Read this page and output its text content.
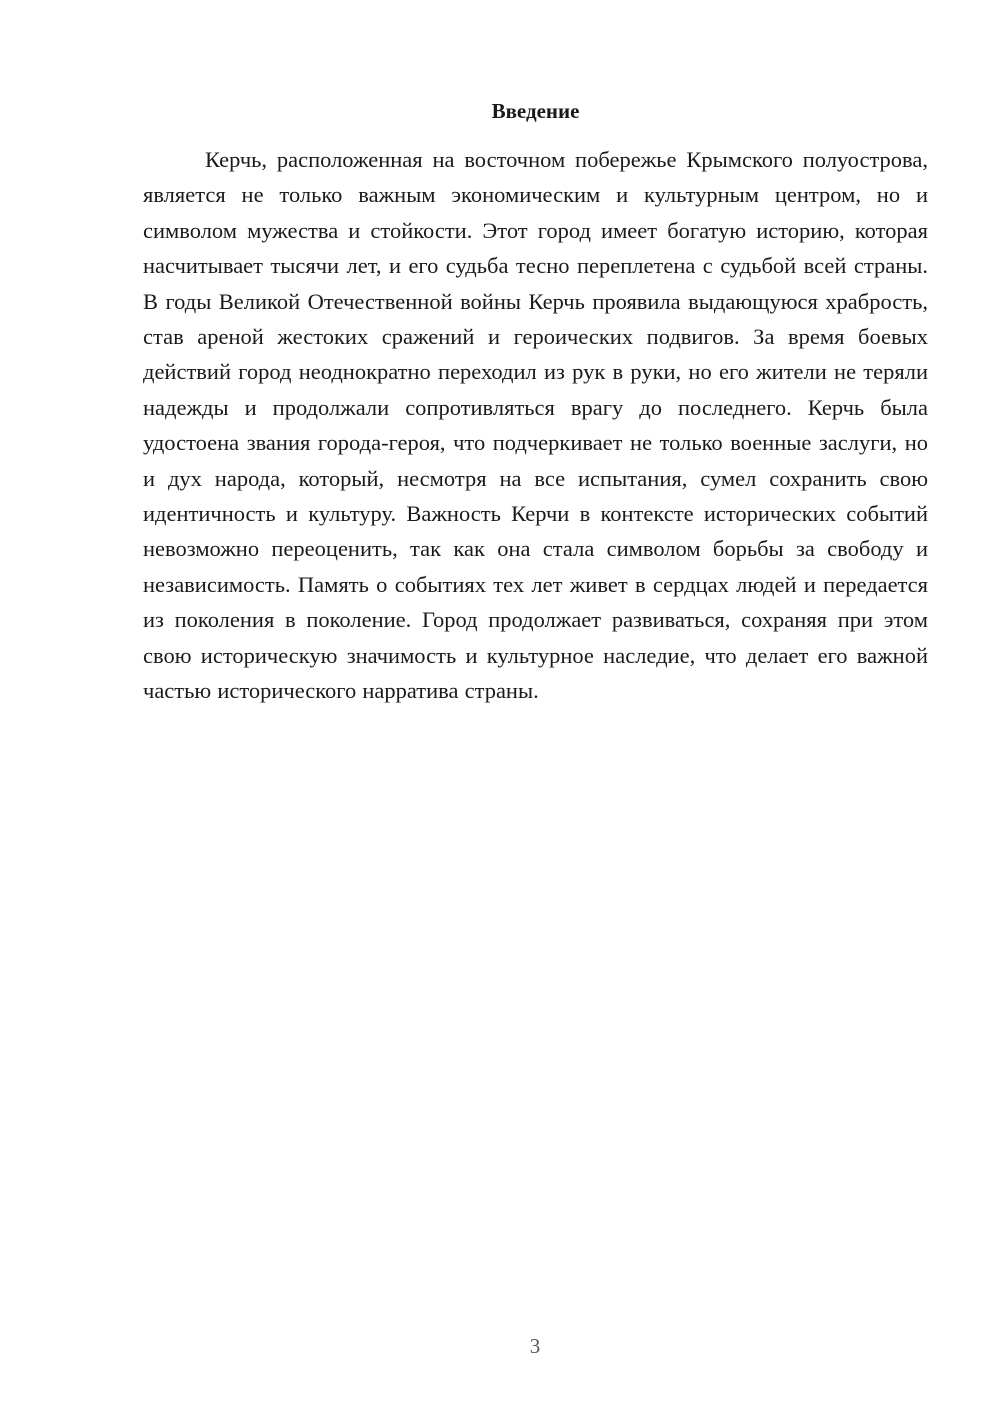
Введение

Керчь, расположенная на восточном побережье Крымского полуострова, является не только важным экономическим и культурным центром, но и символом мужества и стойкости. Этот город имеет богатую историю, которая насчитывает тысячи лет, и его судьба тесно переплетена с судьбой всей страны. В годы Великой Отечественной войны Керчь проявила выдающуюся храбрость, став ареной жестоких сражений и героических подвигов. За время боевых действий город неоднократно переходил из рук в руки, но его жители не теряли надежды и продолжали сопротивляться врагу до последнего. Керчь была удостоена звания города-героя, что подчеркивает не только военные заслуги, но и дух народа, который, несмотря на все испытания, сумел сохранить свою идентичность и культуру. Важность Керчи в контексте исторических событий невозможно переоценить, так как она стала символом борьбы за свободу и независимость. Память о событиях тех лет живет в сердцах людей и передается из поколения в поколение. Город продолжает развиваться, сохраняя при этом свою историческую значимость и культурное наследие, что делает его важной частью исторического нарратива страны.

3
